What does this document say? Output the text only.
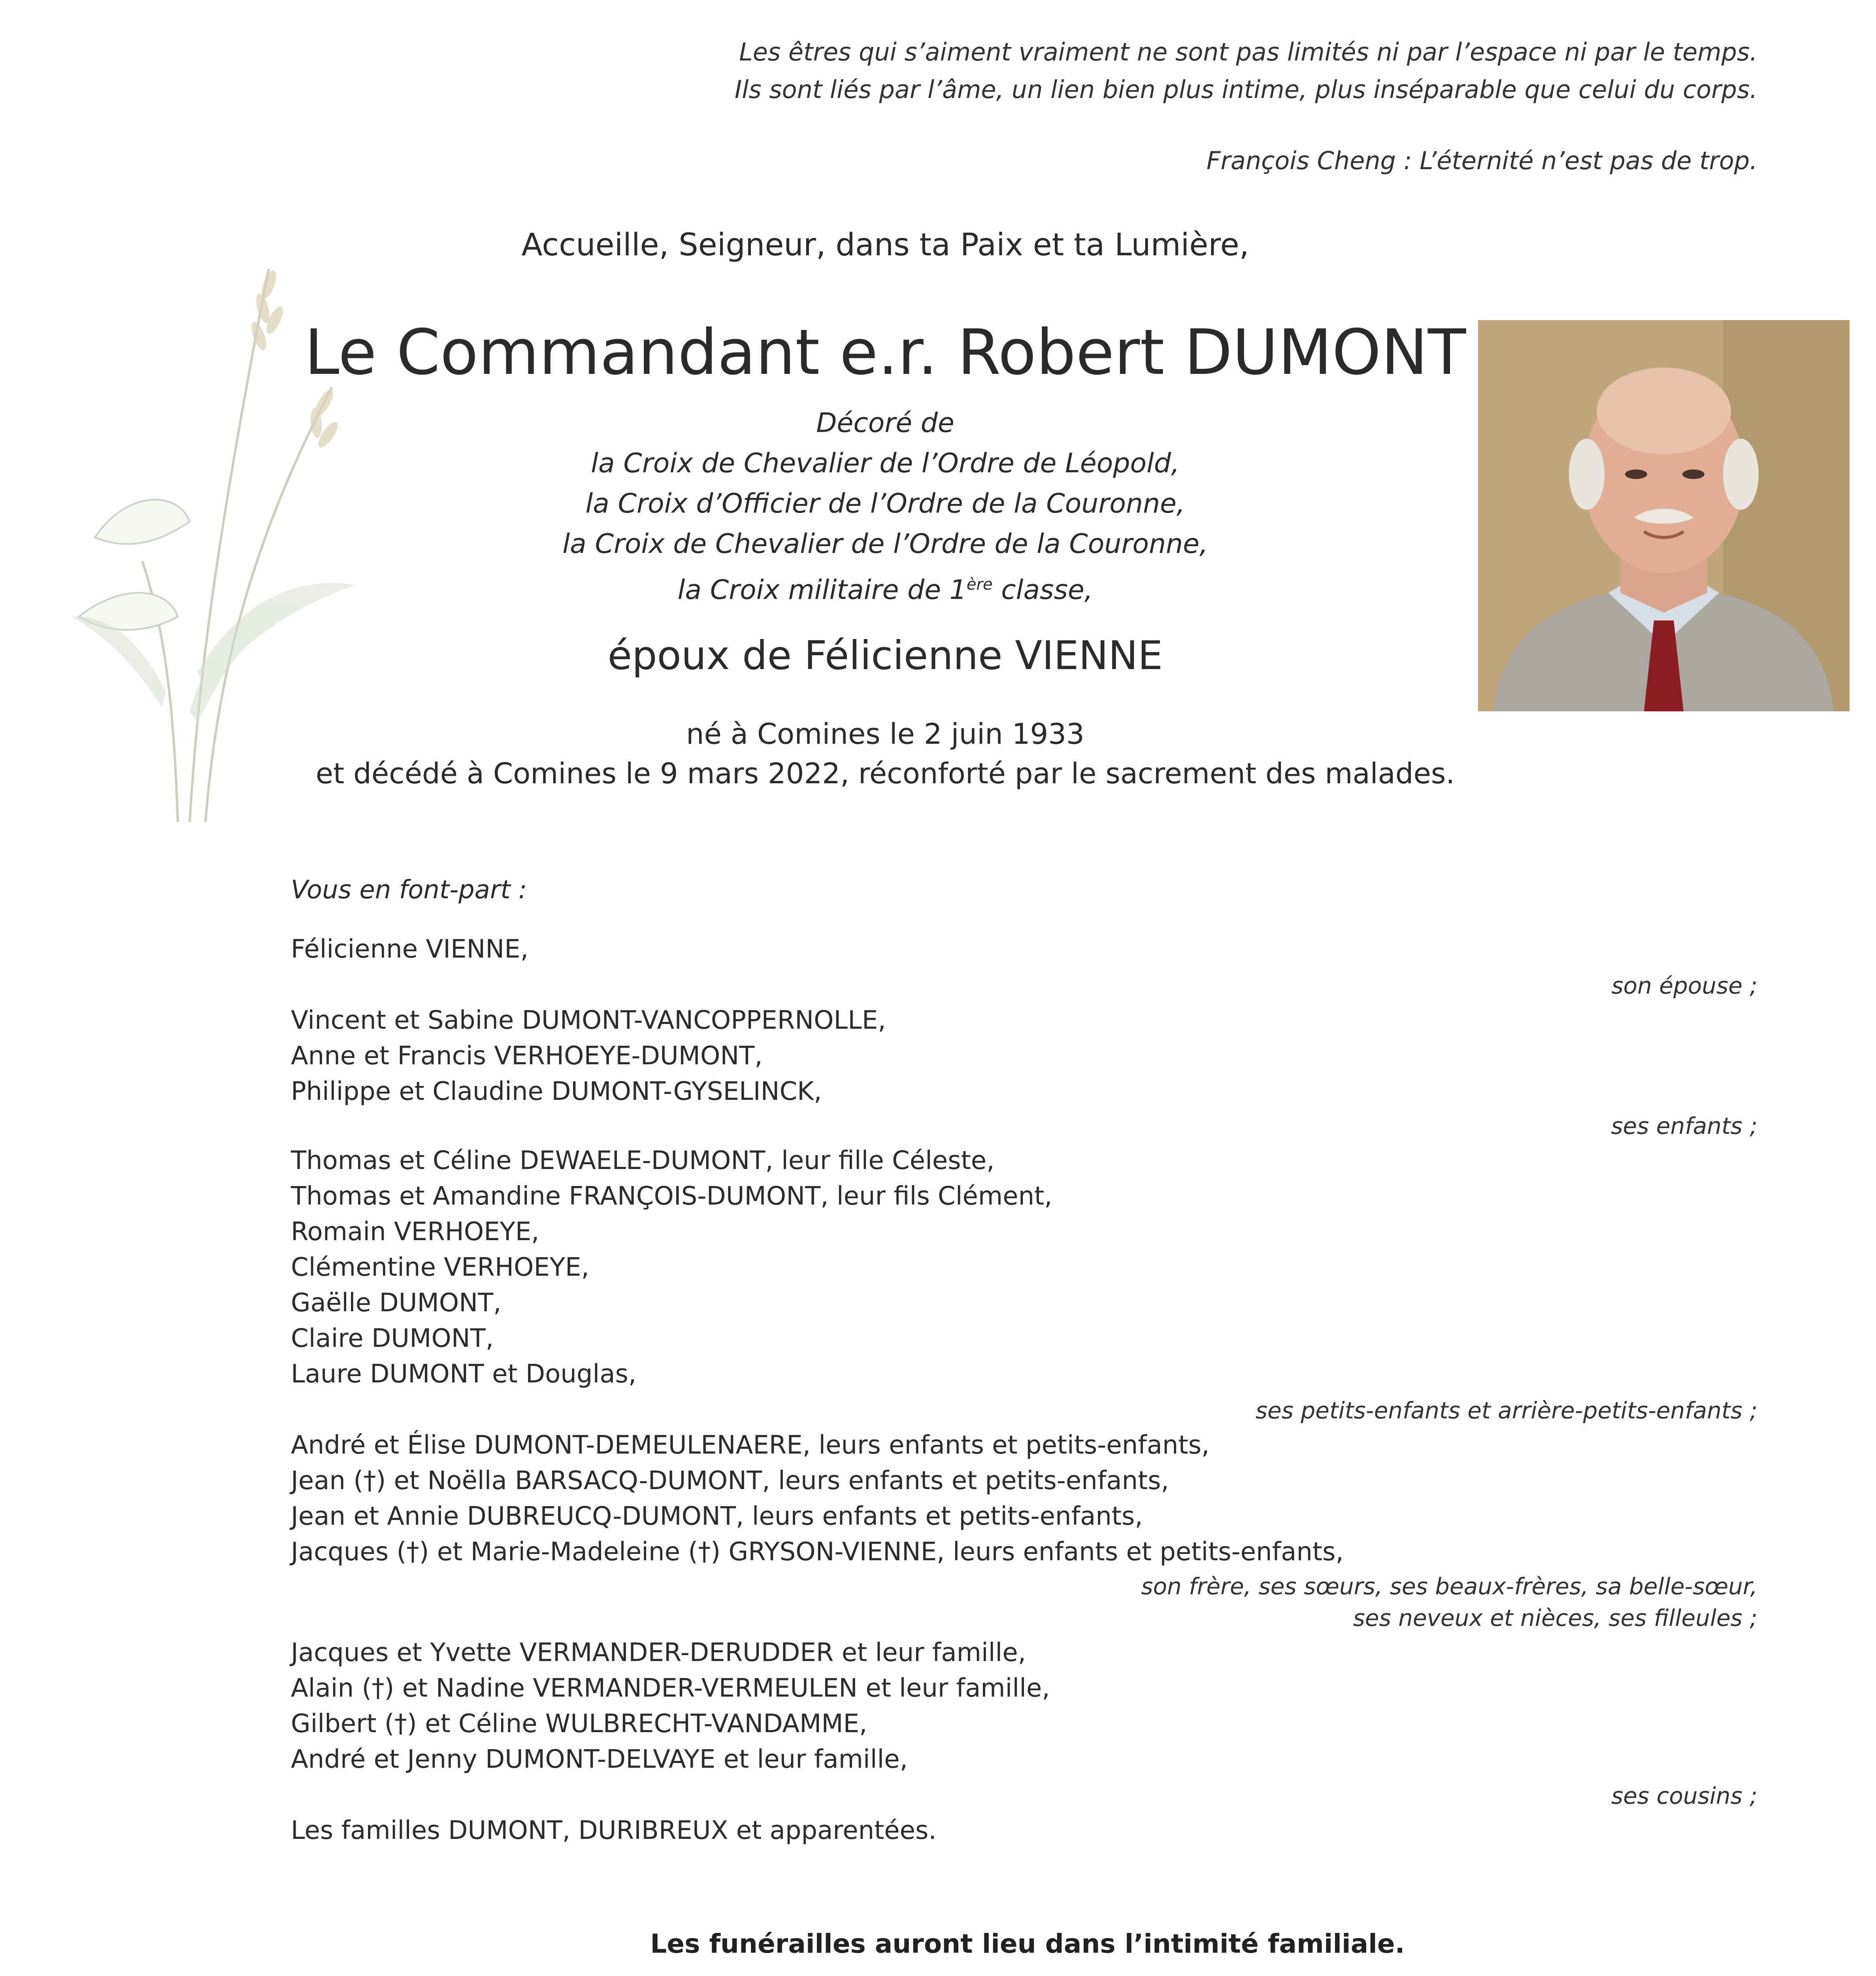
Les êtres qui s’aiment vraiment ne sont pas limités ni par l’espace ni par le temps.
Ils sont liés par l’âme, un lien bien plus intime, plus inséparable que celui du corps.
François Cheng : L’éternité n’est pas de trop.
Accueille, Seigneur, dans ta Paix et ta Lumière,
Le Commandant e.r. Robert DUMONT
Décoré de
la Croix de Chevalier de l’Ordre de Léopold,
la Croix d’Officier de l’Ordre de la Couronne,
la Croix de Chevalier de l’Ordre de la Couronne,
la Croix militaire de 1ère classe,
époux de Félicienne VIENNE
né à Comines le 2 juin 1933
et décédé à Comines le 9 mars 2022, réconforté par le sacrement des malades.
Vous en font-part :
Félicienne VIENNE,
son épouse ;
Vincent et Sabine DUMONT-VANCOPPERNOLLE,
Anne et Francis VERHOEYE-DUMONT,
Philippe et Claudine DUMONT-GYSELINCK,
ses enfants ;
Thomas et Céline DEWAELE-DUMONT, leur fille Céleste,
Thomas et Amandine FRANÇOIS-DUMONT, leur fils Clément,
Romain VERHOEYE,
Clémentine VERHOEYE,
Gaëlle DUMONT,
Claire DUMONT,
Laure DUMONT et Douglas,
ses petits-enfants et arrière-petits-enfants ;
André et Élise DUMONT-DEMEULENAERE, leurs enfants et petits-enfants,
Jean (†) et Noëlla BARSACQ-DUMONT, leurs enfants et petits-enfants,
Jean et Annie DUBREUCQ-DUMONT, leurs enfants et petits-enfants,
Jacques (†) et Marie-Madeleine (†) GRYSON-VIENNE, leurs enfants et petits-enfants,
son frère, ses sœurs, ses beaux-frères, sa belle-sœur,
ses neveux et nièces, ses filleules ;
Jacques et Yvette VERMANDER-DERUDDER et leur famille,
Alain (†) et Nadine VERMANDER-VERMEULEN et leur famille,
Gilbert (†) et Céline WULBRECHT-VANDAMME,
André et Jenny DUMONT-DELVAYE et leur famille,
ses cousins ;
Les familles DUMONT, DURIBREUX et apparentées.
Les funérailles auront lieu dans l’intimité familiale.
